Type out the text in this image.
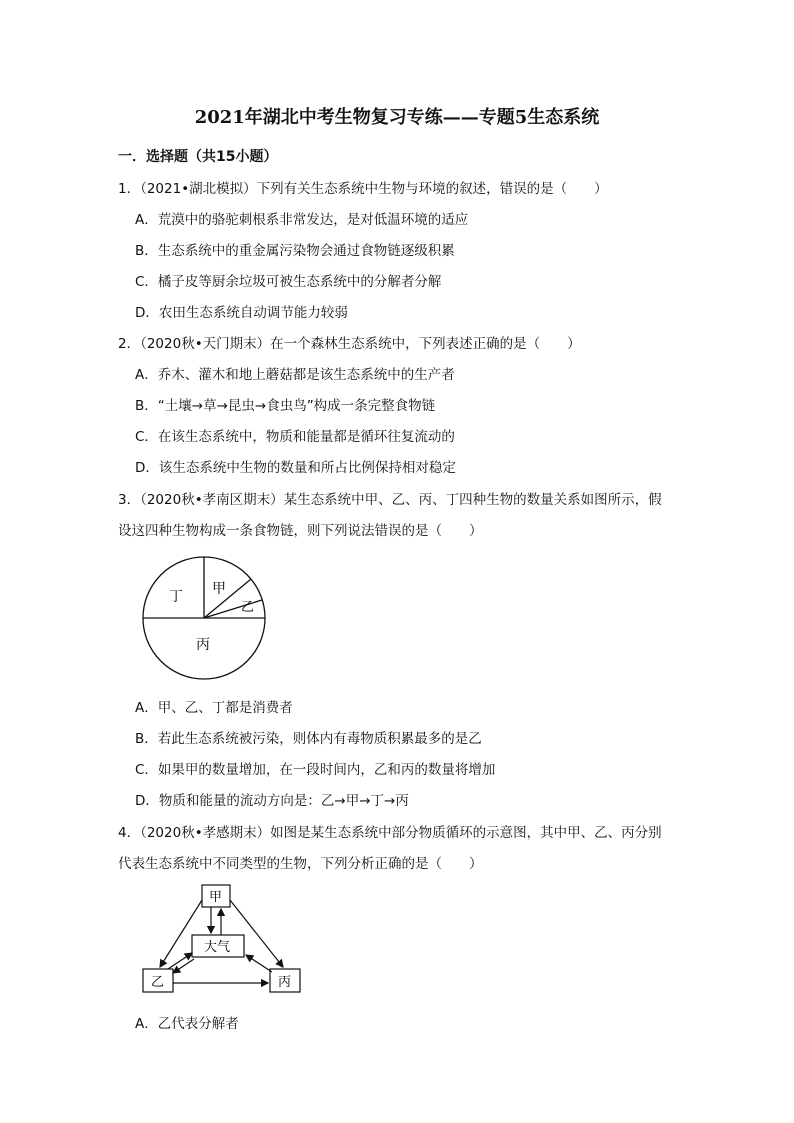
2021年湖北中考生物复习专练——专题5生态系统
一．选择题（共15小题）
1．（2021•湖北模拟）下列有关生态系统中生物与环境的叙述，错误的是（　　）
A．荒漠中的骆驼刺根系非常发达，是对低温环境的适应
B．生态系统中的重金属污染物会通过食物链逐级积累
C．橘子皮等厨余垃圾可被生态系统中的分解者分解
D．农田生态系统自动调节能力较弱
2．（2020秋•天门期末）在一个森林生态系统中，下列表述正确的是（　　）
A．乔木、灌木和地上蘑菇都是该生态系统中的生产者
B．“土壤→草→昆虫→食虫鸟”构成一条完整食物链
C．在该生态系统中，物质和能量都是循环往复流动的
D．该生态系统中生物的数量和所占比例保持相对稳定
3．（2020秋•孝南区期末）某生态系统中甲、乙、丙、丁四种生物的数量关系如图所示，假
设这四种生物构成一条食物链，则下列说法错误的是（　　）
甲
丁
乙
丙
A．甲、乙、丁都是消费者
B．若此生态系统被污染，则体内有毒物质积累最多的是乙
C．如果甲的数量增加，在一段时间内，乙和丙的数量将增加
D．物质和能量的流动方向是：乙→甲→丁→丙
4．（2020秋•孝感期末）如图是某生态系统中部分物质循环的示意图，其中甲、乙、丙分别
代表生态系统中不同类型的生物，下列分析正确的是（　　）
甲
大气
乙	丙
A．乙代表分解者
